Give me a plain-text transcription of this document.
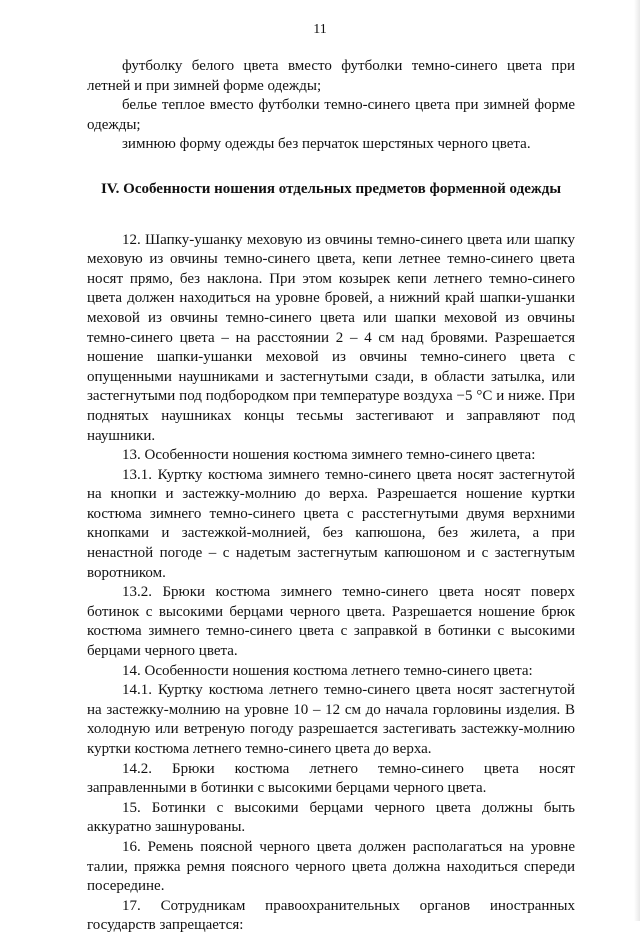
11

футболку белого цвета вместо футболки темно-синего цвета при летней и при зимней форме одежды;

белье теплое вместо футболки темно-синего цвета при зимней форме одежды;

зимнюю форму одежды без перчаток шерстяных черного цвета.

IV. Особенности ношения отдельных предметов форменной одежды

12. Шапку-ушанку меховую из овчины темно-синего цвета или шапку меховую из овчины темно-синего цвета, кепи летнее темно-синего цвета носят прямо, без наклона. При этом козырек кепи летнего темно-синего цвета должен находиться на уровне бровей, а нижний край шапки-ушанки меховой из овчины темно-синего цвета или шапки меховой из овчины темно-синего цвета – на расстоянии 2 – 4 см над бровями. Разрешается ношение шапки-ушанки меховой из овчины темно-синего цвета с опущенными наушниками и застегнутыми сзади, в области затылка, или застегнутыми под подбородком при температуре воздуха −5 °С и ниже. При поднятых наушниках концы тесьмы застегивают и заправляют под наушники.

13. Особенности ношения костюма зимнего темно-синего цвета:

13.1. Куртку костюма зимнего темно-синего цвета носят застегнутой на кнопки и застежку-молнию до верха. Разрешается ношение куртки костюма зимнего темно-синего цвета с расстегнутыми двумя верхними кнопками и застежкой-молнией, без капюшона, без жилета, а при ненастной погоде – с надетым застегнутым капюшоном и с застегнутым воротником.

13.2. Брюки костюма зимнего темно-синего цвета носят поверх ботинок с высокими берцами черного цвета. Разрешается ношение брюк костюма зимнего темно-синего цвета с заправкой в ботинки с высокими берцами черного цвета.

14. Особенности ношения костюма летнего темно-синего цвета:

14.1. Куртку костюма летнего темно-синего цвета носят застегнутой на застежку-молнию на уровне 10 – 12 см до начала горловины изделия. В холодную или ветреную погоду разрешается застегивать застежку-молнию куртки костюма летнего темно-синего цвета до верха.

14.2. Брюки костюма летнего темно-синего цвета носят заправленными в ботинки с высокими берцами черного цвета.

15. Ботинки с высокими берцами черного цвета должны быть аккуратно зашнурованы.

16. Ремень поясной черного цвета должен располагаться на уровне талии, пряжка ремня поясного черного цвета должна находиться спереди посередине.

17. Сотрудникам правоохранительных органов иностранных государств запрещается:
